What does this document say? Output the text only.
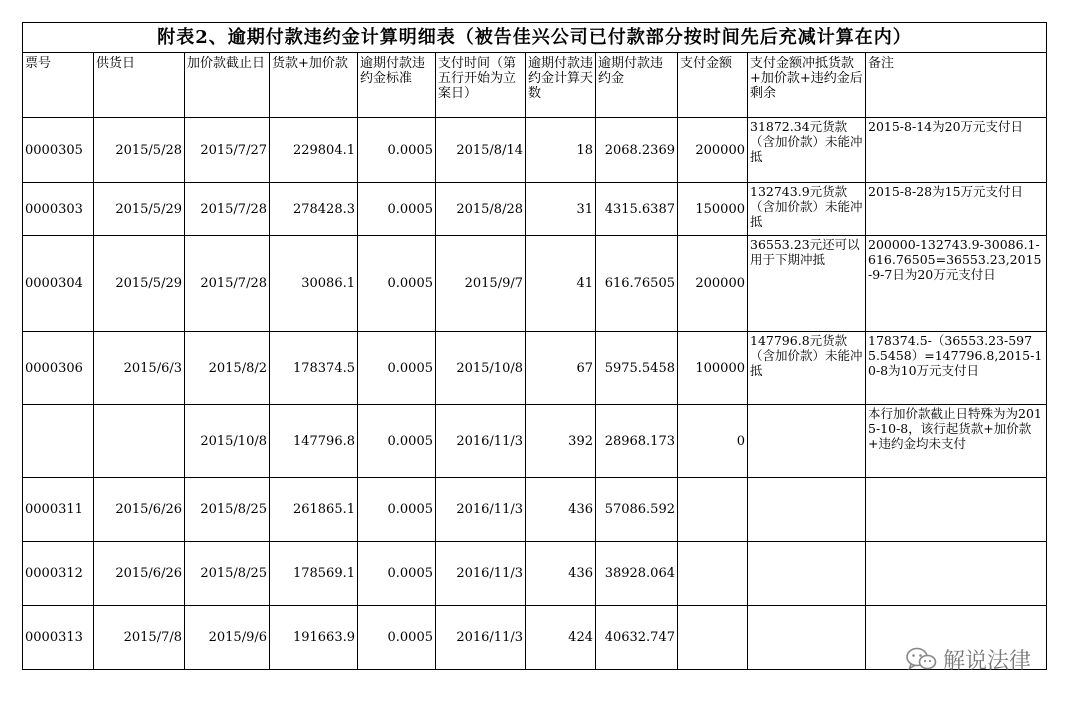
附表2、逾期付款违约金计算明细表（被告佳兴公司已付款部分按时间先后充减计算在内）										

票号	供货日	加价款截止日	货款+加价款	逾期付款违约金标准	支付时间（第五行开始为立案日）	逾期付款违约金计算天数	逾期付款违约金	支付金额	支付金额冲抵货款+加价款+违约金后剩余	备注

0000305	2015/5/28	2015/7/27	229804.1	0.0005	2015/8/14	18	2068.2369	200000	31872.34元货款（含加价款）未能冲抵	2015-8-14为20万元支付日

0000303	2015/5/29	2015/7/28	278428.3	0.0005	2015/8/28	31	4315.6387	150000	132743.9元货款（含加价款）未能冲抵	2015-8-28为15万元支付日

0000304	2015/5/29	2015/7/28	30086.1	0.0005	2015/9/7	41	616.76505	200000	36553.23元还可以用于下期冲抵	200000-132743.9-30086.1-616.76505=36553.23,2015-9-7日为20万元支付日

0000306	2015/6/3	2015/8/2	178374.5	0.0005	2015/10/8	67	5975.5458	100000	147796.8元货款（含加价款）未能冲抵	178374.5-（36553.23-5975.5458）=147796.8,2015-10-8为10万元支付日

		2015/10/8	147796.8	0.0005	2016/11/3	392	28968.173	0		本行加价款截止日特殊为为2015-10-8，该行起货款+加价款+违约金均未支付

0000311	2015/6/26	2015/8/25	261865.1	0.0005	2016/11/3	436	57086.592			

0000312	2015/6/26	2015/8/25	178569.1	0.0005	2016/11/3	436	38928.064			

0000313	2015/7/8	2015/9/6	191663.9	0.0005	2016/11/3	424	40632.747			

解说法律
